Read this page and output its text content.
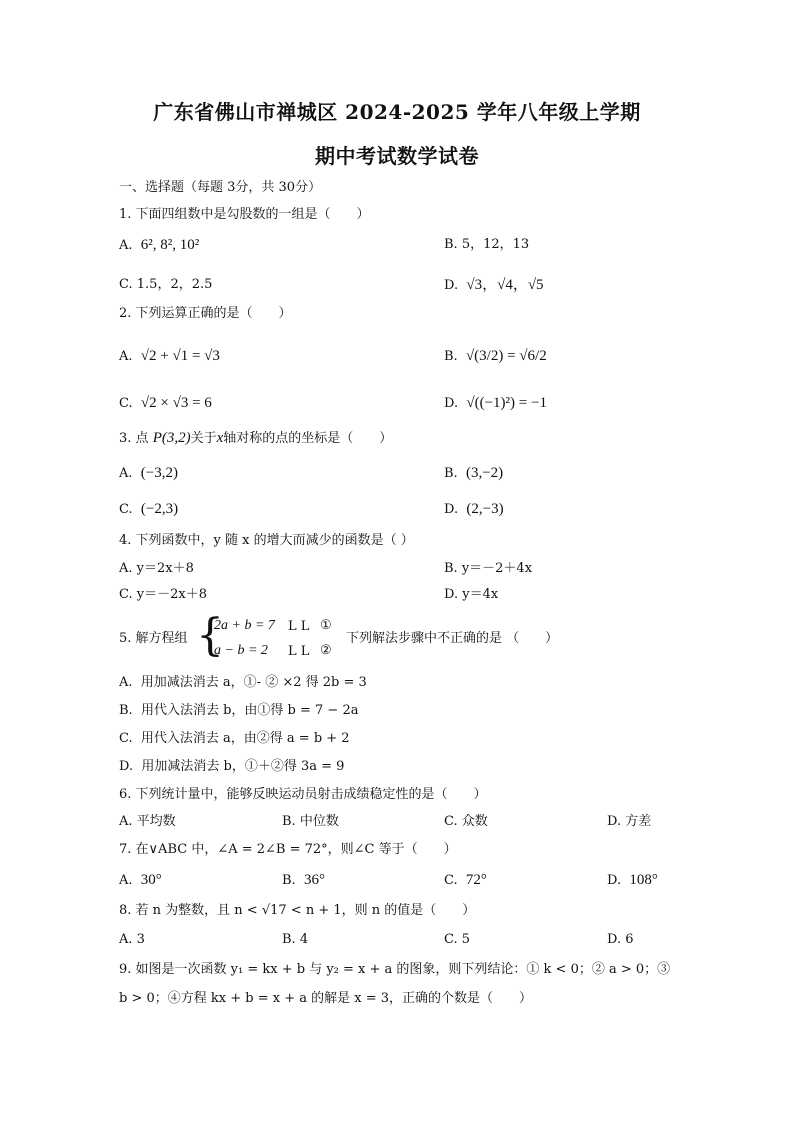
广东省佛山市禅城区 2024-2025 学年八年级上学期
期中考试数学试卷
一、选择题（每题 3分，共 30分）
1. 下面四组数中是勾股数的一组是（　　）
A. 6², 8², 10²	B. 5，12，13
C. 1.5，2，2.5	D. √3，√4，√5
2. 下列运算正确的是（　　）
A. √2 + √1 = √3	B. √(3/2) = √6/2
C. √2 × √3 = 6	D. √((−1)²) = −1
3. 点 P(3,2)关于x轴对称的点的坐标是（　　）
A. (−3,2)	B. (3,−2)
C. (−2,3)	D. (2,−3)
4. 下列函数中，y 随 x 的增大而减少的函数是（ ）
A. y＝2x＋8	B. y＝－2＋4x
C. y＝－2x＋8	D. y＝4x
5. 解方程组 {
2a + b = 7 L L ①
a − b = 2 L L ②
下列解法步骤中不正确的是 （　　）
A. 用加减法消去 a，①- ② ×2 得 2b = 3
B. 用代入法消去 b，由①得 b = 7 − 2a
C. 用代入法消去 a，由②得 a = b + 2
D. 用加减法消去 b，①＋②得 3a = 9
6. 下列统计量中，能够反映运动员射击成绩稳定性的是（　　）
A. 平均数	B. 中位数	C. 众数	D. 方差
7. 在∨ABC 中，∠A = 2∠B = 72°，则∠C 等于（　　）
A. 30°	B. 36°	C. 72°	D. 108°
8. 若 n 为整数，且 n < √17 < n + 1，则 n 的值是（　　）
A. 3	B. 4	C. 5	D. 6
9. 如图是一次函数 y₁ = kx + b 与 y₂ = x + a 的图象，则下列结论：① k < 0；② a > 0；③
b > 0；④方程 kx + b = x + a 的解是 x = 3，正确的个数是（　　）
